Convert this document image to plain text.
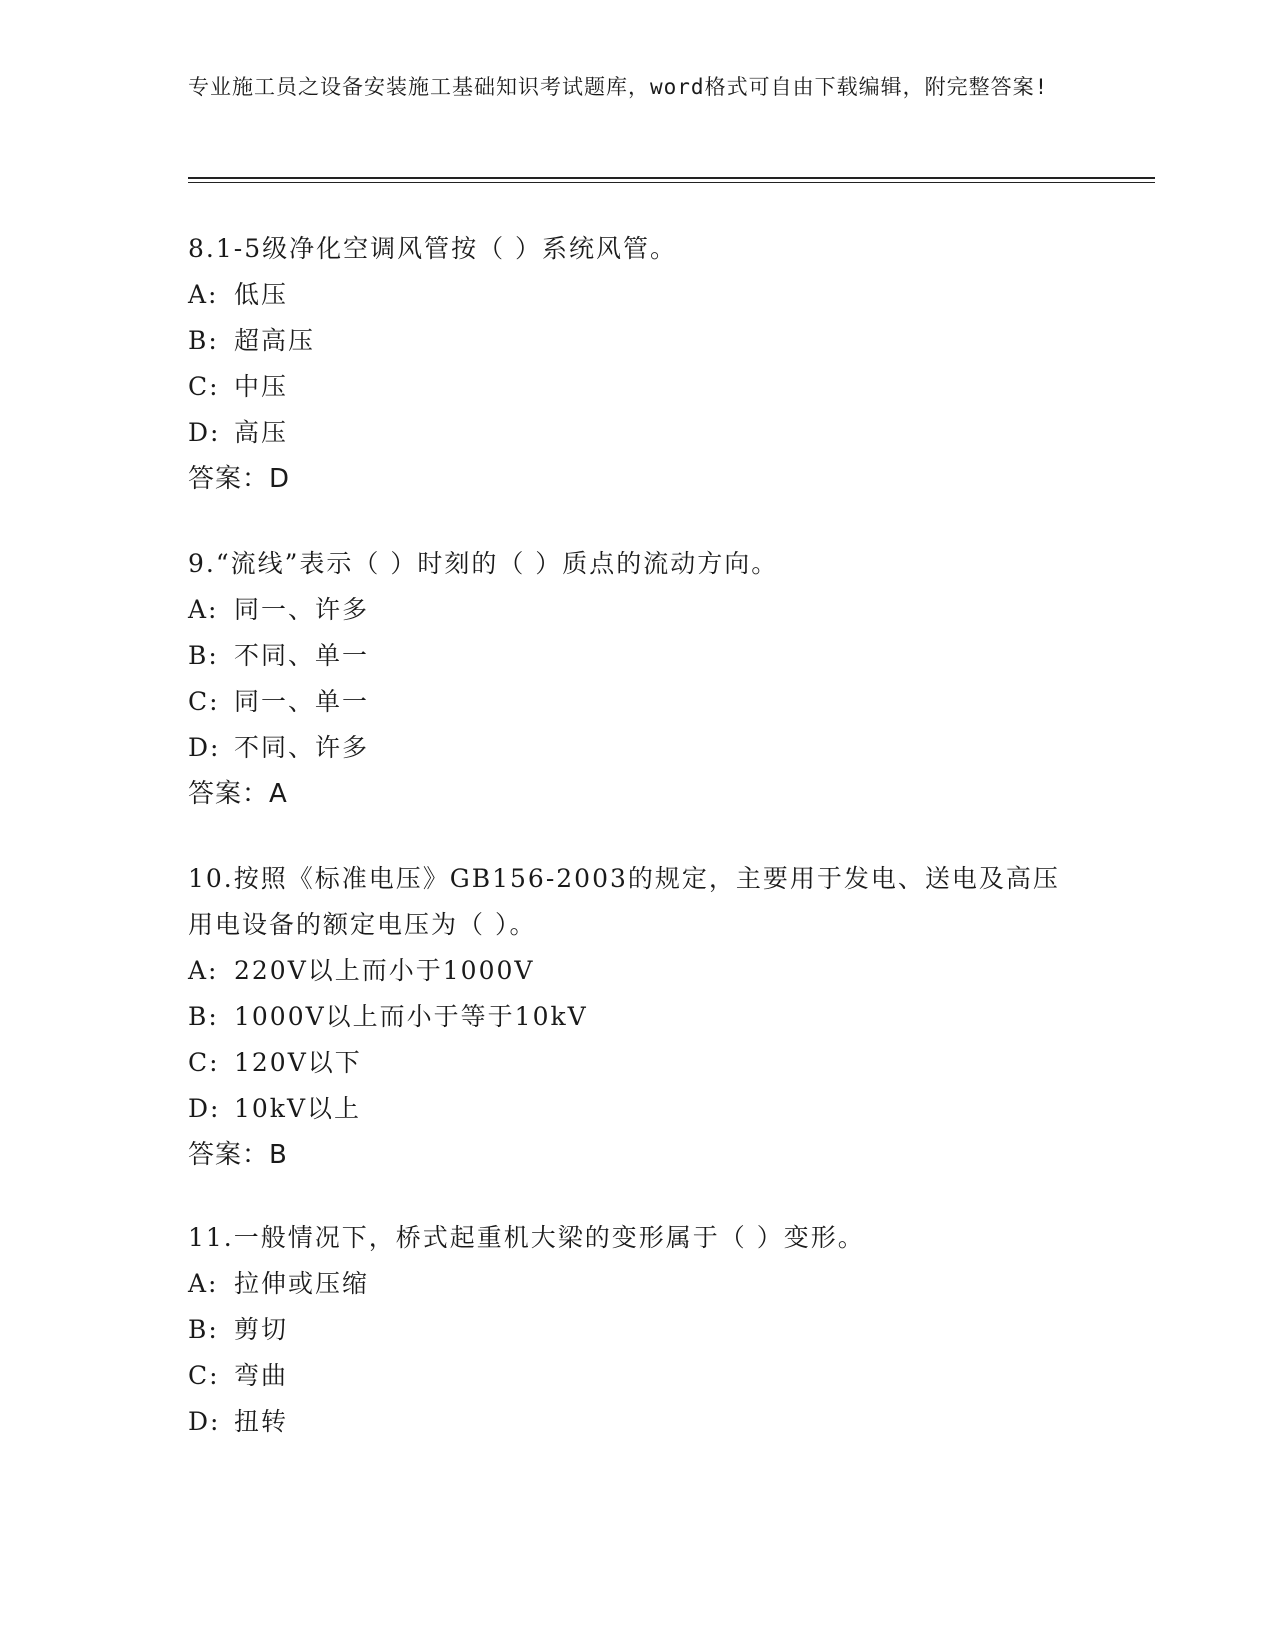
专业施工员之设备安装施工基础知识考试题库，word格式可自由下载编辑，附完整答案!

8.1-5级净化空调风管按（ ）系统风管。

A: 低压

B: 超高压

C: 中压

D: 高压

答案：D

9.“流线”表示（ ）时刻的（ ）质点的流动方向。

A: 同一、许多

B: 不同、单一

C: 同一、单一

D: 不同、许多

答案：A

10.按照《标准电压》GB156-2003的规定，主要用于发电、送电及高压用电设备的额定电压为（ ）。

A: 220V以上而小于1000V

B: 1000V以上而小于等于10kV

C: 120V以下

D: 10kV以上

答案：B

11.一般情况下，桥式起重机大梁的变形属于（ ）变形。

A: 拉伸或压缩

B: 剪切

C: 弯曲

D: 扭转
